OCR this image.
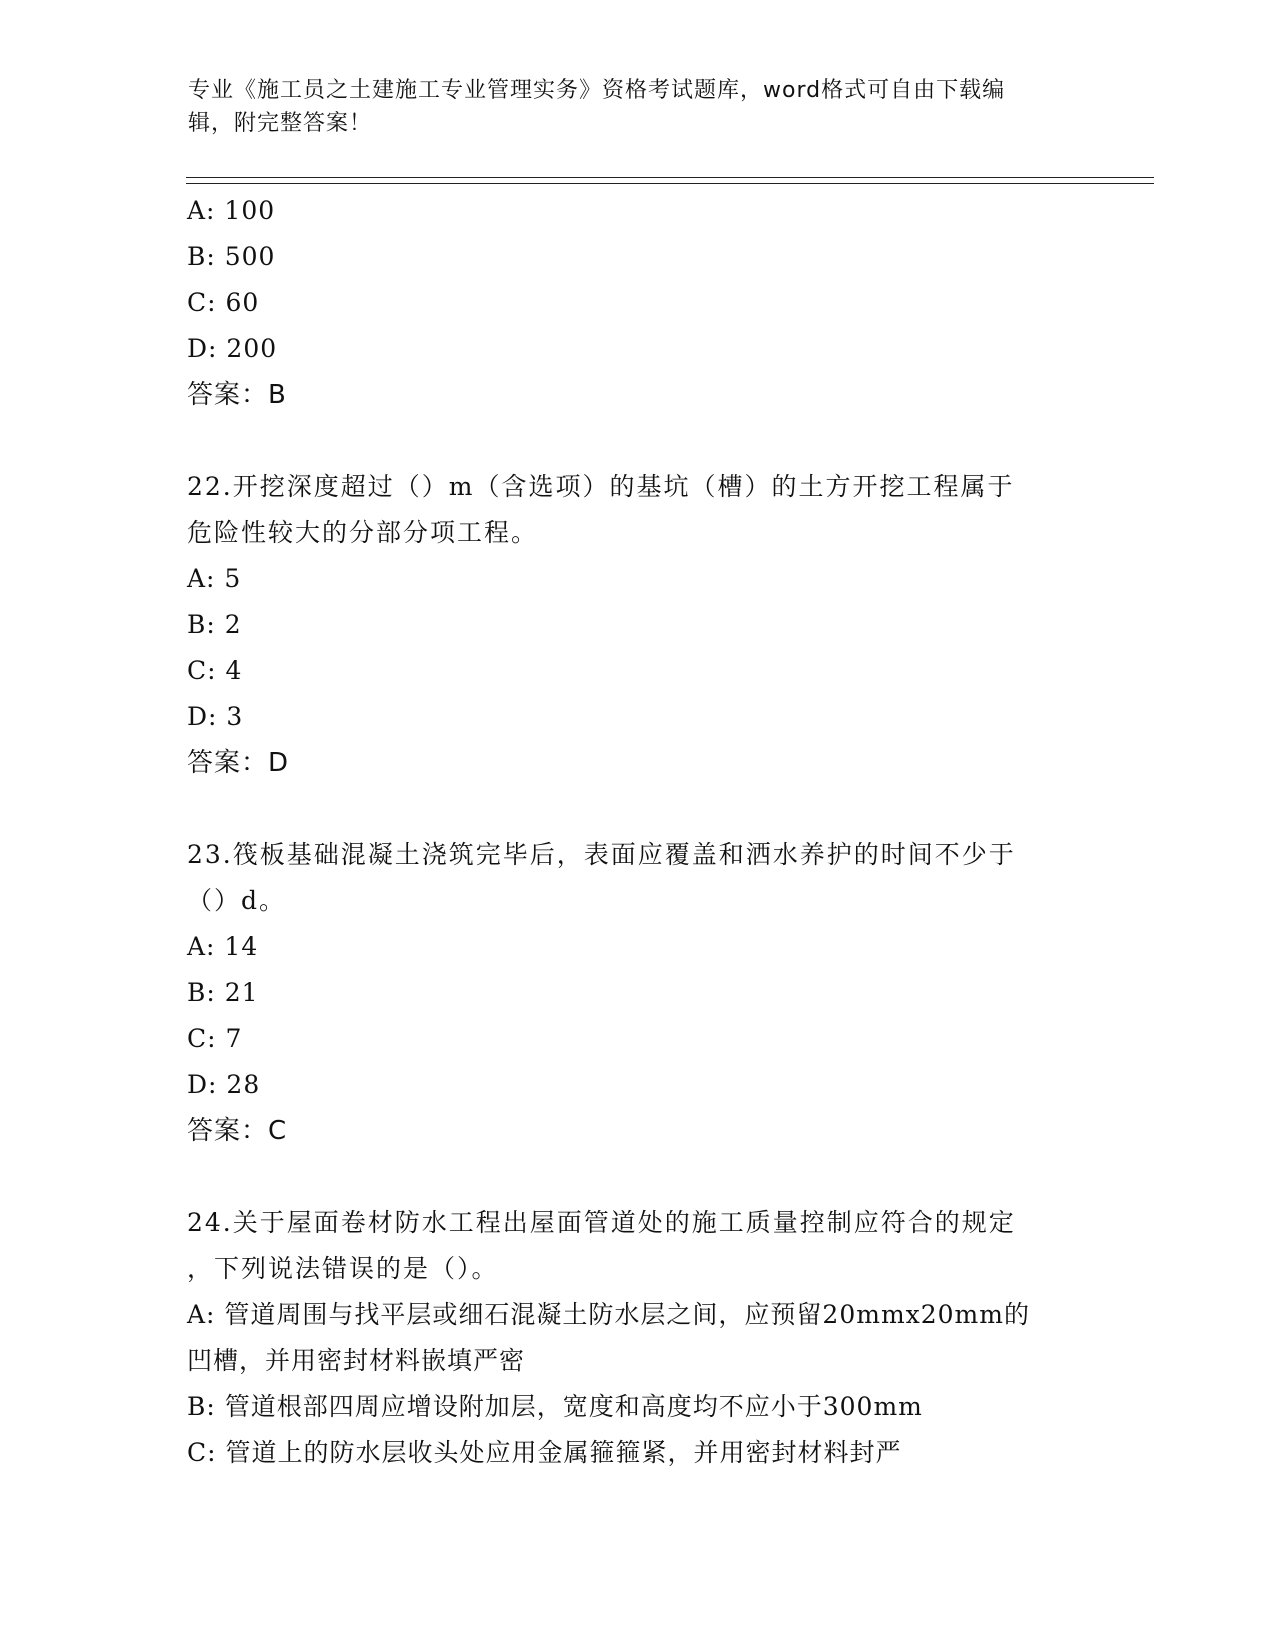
专业《施工员之土建施工专业管理实务》资格考试题库，word格式可自由下载编
辑，附完整答案！
A: 100
B: 500
C: 60
D: 200
答案：B
22.开挖深度超过（）m（含选项）的基坑（槽）的土方开挖工程属于
危险性较大的分部分项工程。
A: 5
B: 2
C: 4
D: 3
答案：D
23.筏板基础混凝土浇筑完毕后，表面应覆盖和洒水养护的时间不少于
（）d。
A: 14
B: 21
C: 7
D: 28
答案：C
24.关于屋面卷材防水工程出屋面管道处的施工质量控制应符合的规定
，下列说法错误的是（）。
A: 管道周围与找平层或细石混凝土防水层之间，应预留20mmx20mm的
凹槽，并用密封材料嵌填严密
B: 管道根部四周应增设附加层，宽度和高度均不应小于300mm
C: 管道上的防水层收头处应用金属箍箍紧，并用密封材料封严
